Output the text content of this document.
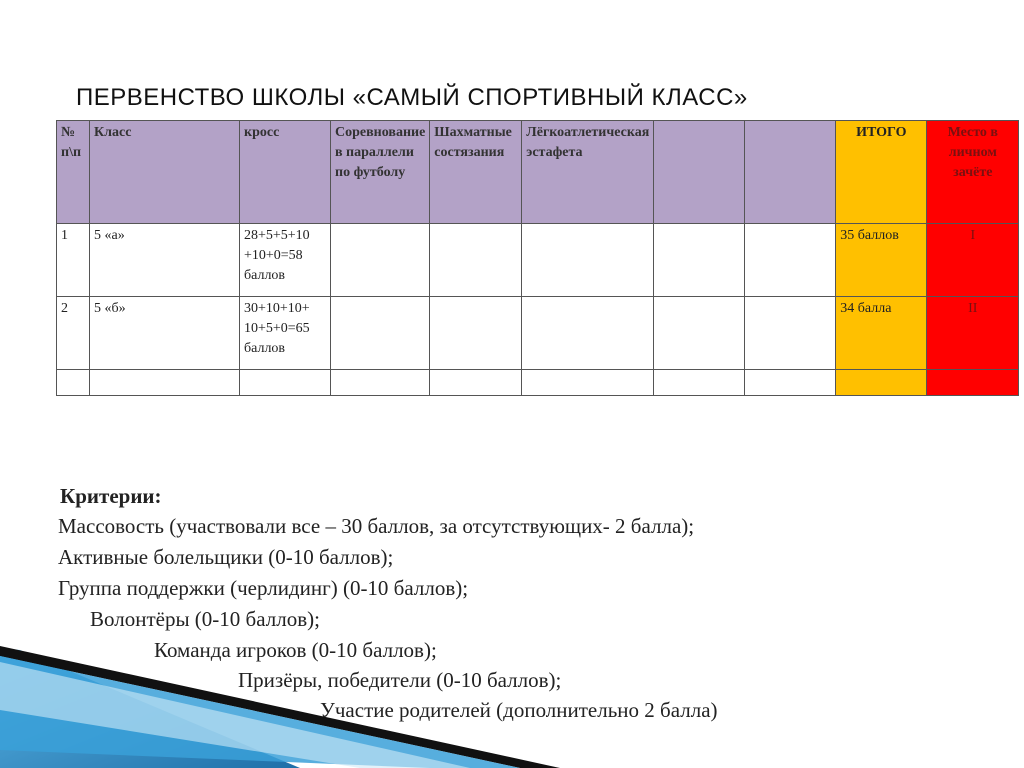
ПЕРВЕНСТВО ШКОЛЫ «САМЫЙ СПОРТИВНЫЙ КЛАСС»
№ п\п	Класс	кросс	Соревнование в параллели по футболу	Шахматные состязания	Лёгкоатлетическая эстафета			ИТОГО	Место в личном зачёте
1	5 «а»	28+5+5+10 +10+0=58 баллов						35 баллов	I
2	5 «б»	30+10+10+ 10+5+0=65 баллов						34 балла	II

Критерии:
Массовость (участвовали все – 30 баллов, за отсутствующих- 2 балла);
Активные болельщики (0-10 баллов);
Группа поддержки (черлидинг) (0-10 баллов);
Волонтёры (0-10 баллов);
Команда игроков (0-10 баллов);
Призёры, победители (0-10 баллов);
Участие родителей (дополнительно 2 балла)
